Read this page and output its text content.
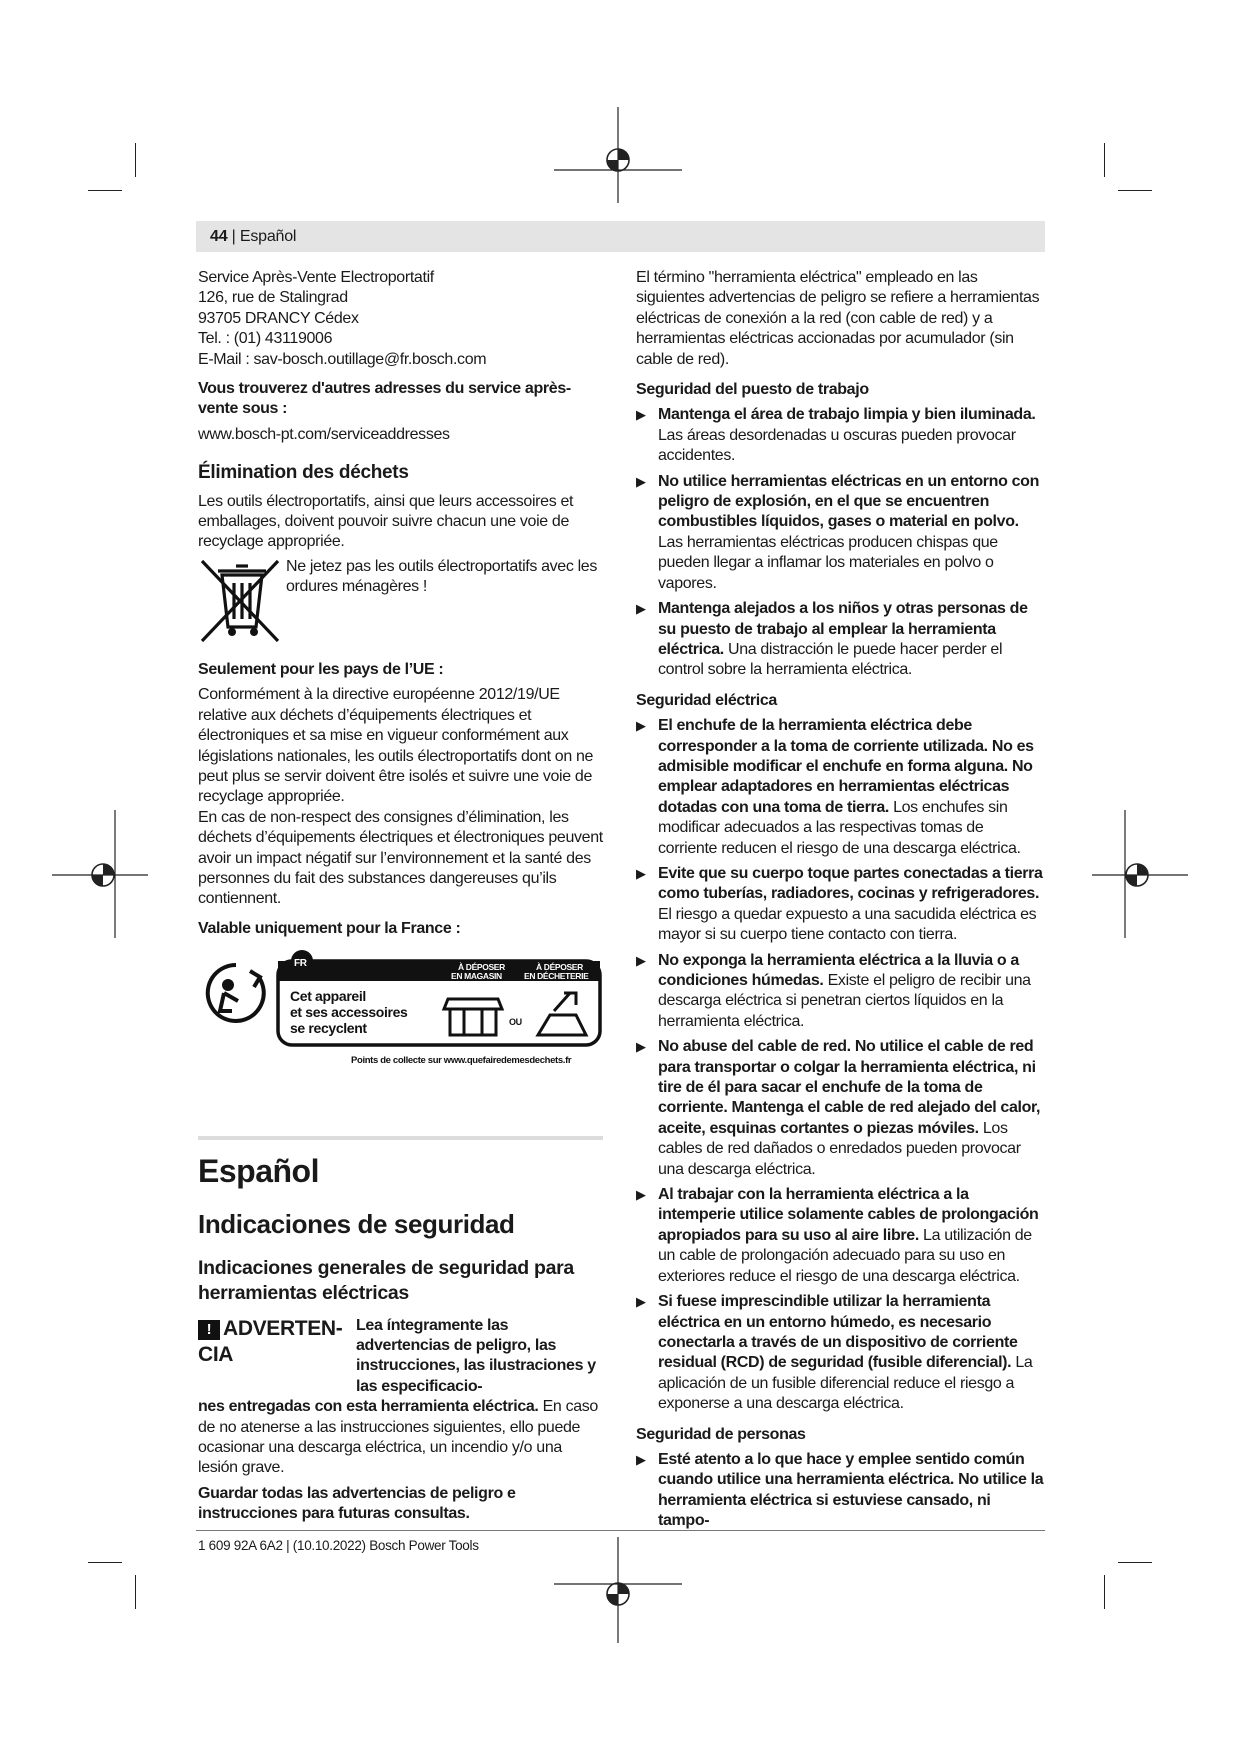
44 | Español

Service Après-Vente Electroportatif

126, rue de Stalingrad

93705 DRANCY Cédex

Tel. : (01) 43119006

E-Mail : sav-bosch.outillage@fr.bosch.com

Vous trouverez d'autres adresses du service après-vente sous :

www.bosch-pt.com/serviceaddresses

Élimination des déchets

Les outils électroportatifs, ainsi que leurs accessoires et emballages, doivent pouvoir suivre chacun une voie de recyclage appropriée.

Ne jetez pas les outils électroportatifs avec les ordures ménagères !

Seulement pour les pays de l’UE :

Conformément à la directive européenne 2012/19/UE relative aux déchets d’équipements électriques et électroniques et sa mise en vigueur conformément aux législations nationales, les outils électroportatifs dont on ne peut plus se servir doivent être isolés et suivre une voie de recyclage appropriée.

En cas de non-respect des consignes d’élimination, les déchets d’équipements électriques et électroniques peuvent avoir un impact négatif sur l’environnement et la santé des personnes du fait des substances dangereuses qu’ils contiennent.

Valable uniquement pour la France :

FR	À DÉPOSER
EN MAGASIN
À DÉPOSER
EN DÉCHETERIE
Cet appareil
et ses accessoires
se recyclent	OU
Points de collecte sur www.quefairedemesdechets.fr
Español
Indicaciones de seguridad
Indicaciones generales de seguridad para herramientas eléctricas
! ADVERTEN-
CIA
Lea íntegramente las advertencias de peligro, las instrucciones, las ilustraciones y las especificacio-

nes entregadas con esta herramienta eléctrica. En caso de no atenerse a las instrucciones siguientes, ello puede ocasionar una descarga eléctrica, un incendio y/o una lesión grave.

Guardar todas las advertencias de peligro e instrucciones para futuras consultas.

El término "herramienta eléctrica" empleado en las siguientes advertencias de peligro se refiere a herramientas eléctricas de conexión a la red (con cable de red) y a herramientas eléctricas accionadas por acumulador (sin cable de red).

Seguridad del puesto de trabajo

▶ Mantenga el área de trabajo limpia y bien iluminada. Las áreas desordenadas u oscuras pueden provocar accidentes.
▶ No utilice herramientas eléctricas en un entorno con peligro de explosión, en el que se encuentren combustibles líquidos, gases o material en polvo. Las herramientas eléctricas producen chispas que pueden llegar a inflamar los materiales en polvo o vapores.
▶ Mantenga alejados a los niños y otras personas de su puesto de trabajo al emplear la herramienta eléctrica. Una distracción le puede hacer perder el control sobre la herramienta eléctrica.

Seguridad eléctrica

▶ El enchufe de la herramienta eléctrica debe corresponder a la toma de corriente utilizada. No es admisible modificar el enchufe en forma alguna. No emplear adaptadores en herramientas eléctricas dotadas con una toma de tierra. Los enchufes sin modificar adecuados a las respectivas tomas de corriente reducen el riesgo de una descarga eléctrica.
▶ Evite que su cuerpo toque partes conectadas a tierra como tuberías, radiadores, cocinas y refrigeradores. El riesgo a quedar expuesto a una sacudida eléctrica es mayor si su cuerpo tiene contacto con tierra.
▶ No exponga la herramienta eléctrica a la lluvia o a condiciones húmedas. Existe el peligro de recibir una descarga eléctrica si penetran ciertos líquidos en la herramienta eléctrica.
▶ No abuse del cable de red. No utilice el cable de red para transportar o colgar la herramienta eléctrica, ni tire de él para sacar el enchufe de la toma de corriente. Mantenga el cable de red alejado del calor, aceite, esquinas cortantes o piezas móviles. Los cables de red dañados o enredados pueden provocar una descarga eléctrica.
▶ Al trabajar con la herramienta eléctrica a la intemperie utilice solamente cables de prolongación apropiados para su uso al aire libre. La utilización de un cable de prolongación adecuado para su uso en exteriores reduce el riesgo de una descarga eléctrica.
▶ Si fuese imprescindible utilizar la herramienta eléctrica en un entorno húmedo, es necesario conectarla a través de un dispositivo de corriente residual (RCD) de seguridad (fusible diferencial). La aplicación de un fusible diferencial reduce el riesgo a exponerse a una descarga eléctrica.

Seguridad de personas

▶ Esté atento a lo que hace y emplee sentido común cuando utilice una herramienta eléctrica. No utilice la herramienta eléctrica si estuviese cansado, ni tampo-
1 609 92A 6A2 | (10.10.2022) Bosch Power Tools
